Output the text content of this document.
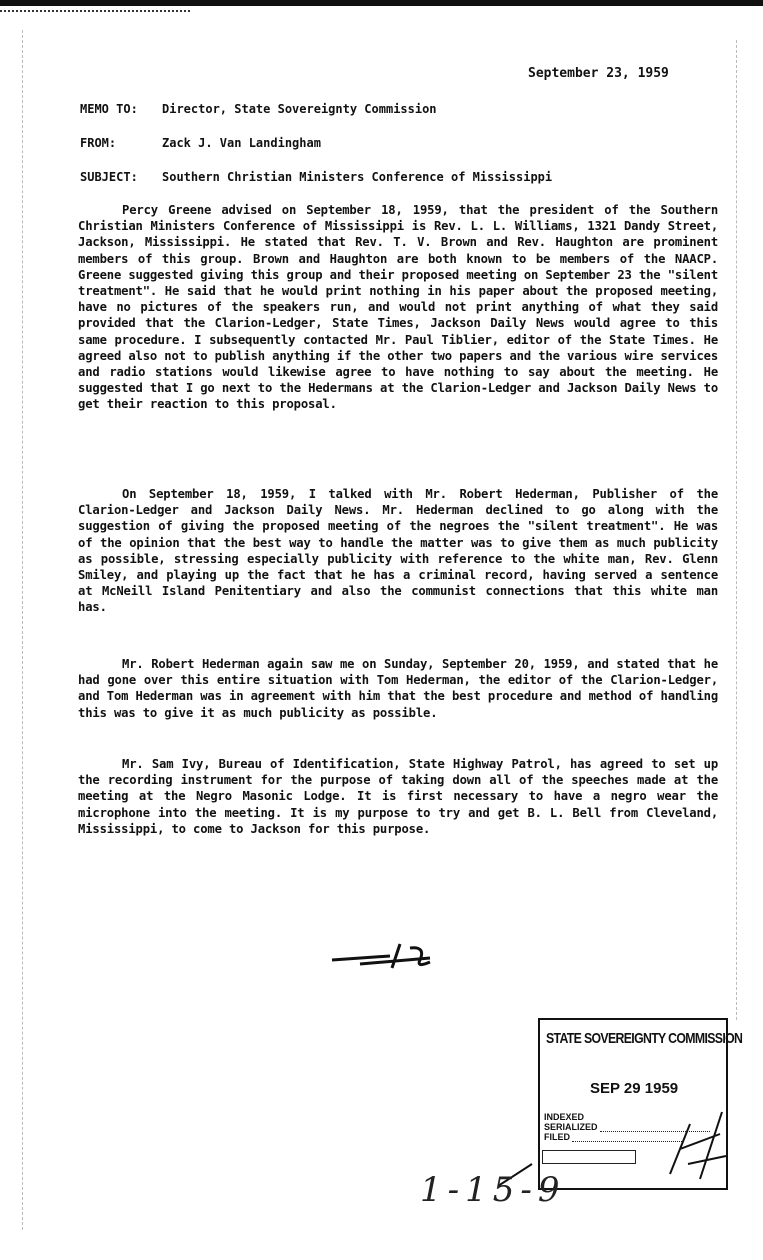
September 23, 1959
MEMO TO: Director, State Sovereignty Commission
FROM:	Zack J. Van Landingham
SUBJECT: Southern Christian Ministers Conference of Mississippi

Percy Greene advised on September 18, 1959, that the president of the Southern Christian Ministers Conference of Mississippi is Rev. L. L. Williams, 1321 Dandy Street, Jackson, Mississippi. He stated that Rev. T. V. Brown and Rev. Haughton are prominent members of this group. Brown and Haughton are both known to be members of the NAACP. Greene suggested giving this group and their proposed meeting on September 23 the "silent treatment". He said that he would print nothing in his paper about the proposed meeting, have no pictures of the speakers run, and would not print anything of what they said provided that the Clarion-Ledger, State Times, Jackson Daily News would agree to this same procedure. I subsequently contacted Mr. Paul Tiblier, editor of the State Times. He agreed also not to publish anything if the other two papers and the various wire services and radio stations would likewise agree to have nothing to say about the meeting. He suggested that I go next to the Hedermans at the Clarion-Ledger and Jackson Daily News to get their reaction to this proposal.

On September 18, 1959, I talked with Mr. Robert Hederman, Publisher of the Clarion-Ledger and Jackson Daily News. Mr. Hederman declined to go along with the suggestion of giving the proposed meeting of the negroes the "silent treatment". He was of the opinion that the best way to handle the matter was to give them as much publicity as possible, stressing especially publicity with reference to the white man, Rev. Glenn Smiley, and playing up the fact that he has a criminal record, having served a sentence at McNeill Island Penitentiary and also the communist connections that this white man has.

Mr. Robert Hederman again saw me on Sunday, September 20, 1959, and stated that he had gone over this entire situation with Tom Hederman, the editor of the Clarion-Ledger, and Tom Hederman was in agreement with him that the best procedure and method of handling this was to give it as much publicity as possible.

Mr. Sam Ivy, Bureau of Identification, State Highway Patrol, has agreed to set up the recording instrument for the purpose of taking down all of the speeches made at the meeting at the Negro Masonic Lodge. It is first necessary to have a negro wear the microphone into the meeting. It is my purpose to try and get B. L. Bell from Cleveland, Mississippi, to come to Jackson for this purpose.

STATE SOVEREIGNTY COMMISSION
SEP 29 1959
INDEXED
SERIALIZED
FILED
1-15-9
